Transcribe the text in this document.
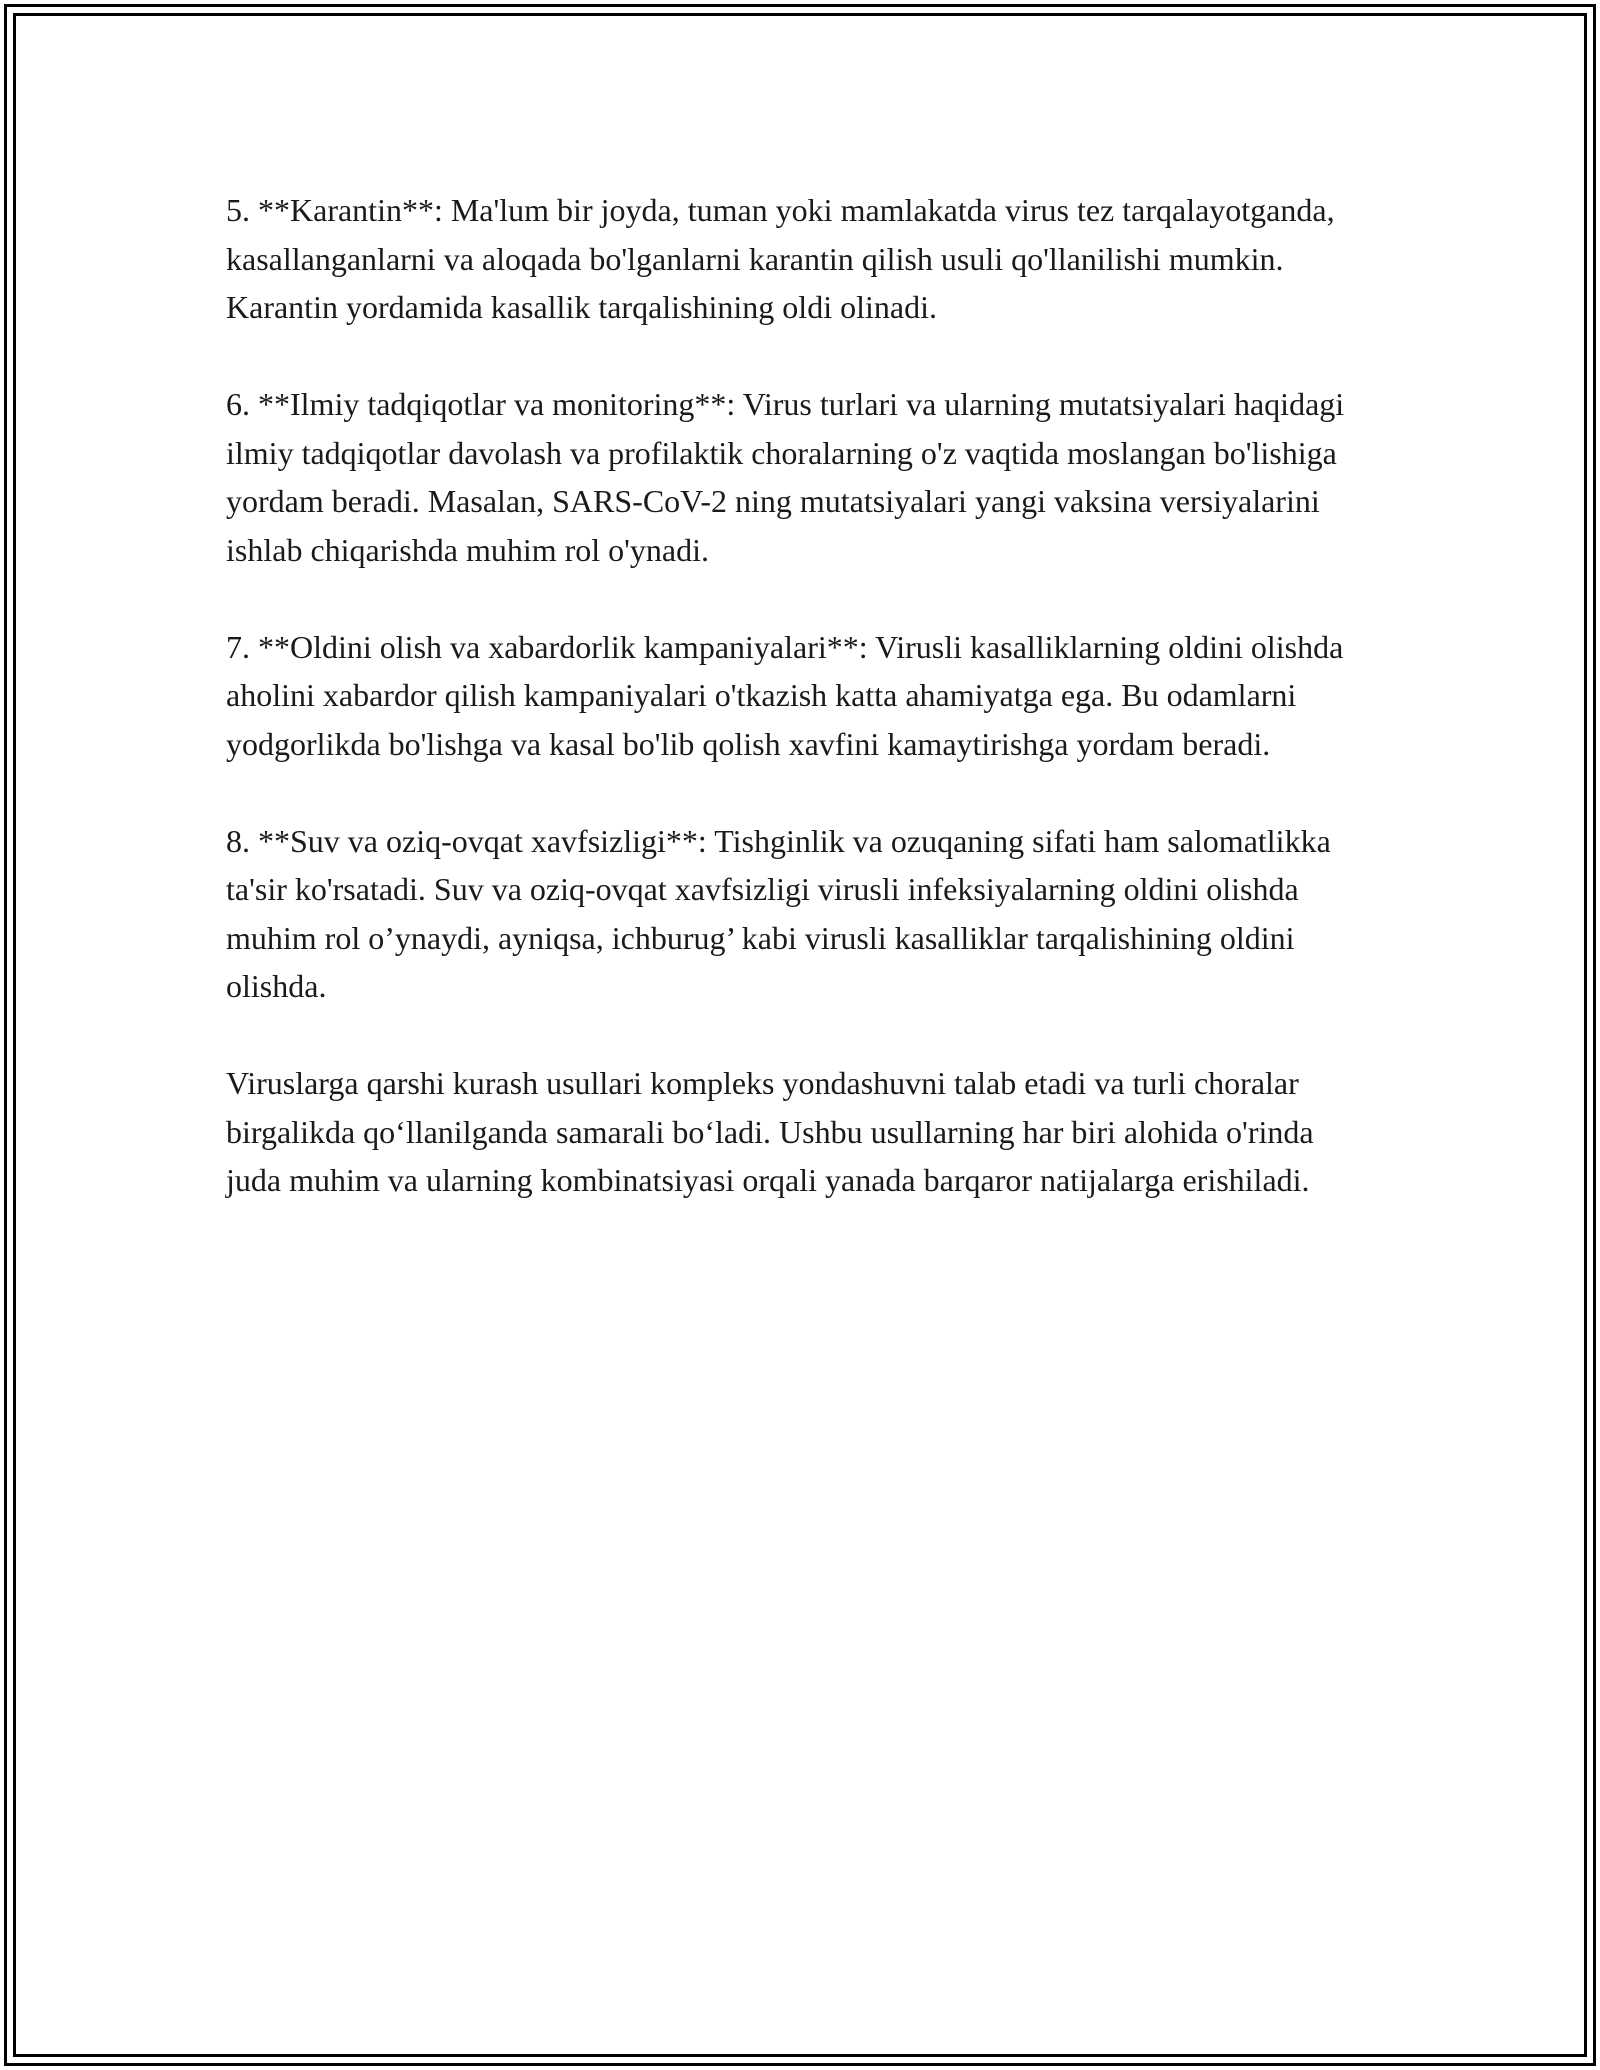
5. **Karantin**: Ma'lum bir joyda, tuman yoki mamlakatda virus tez tarqalayotganda, kasallanganlarni va aloqada bo'lganlarni karantin qilish usuli qo'llanilishi mumkin. Karantin yordamida kasallik tarqalishining oldi olinadi.

6. **Ilmiy tadqiqotlar va monitoring**: Virus turlari va ularning mutatsiyalari haqidagi ilmiy tadqiqotlar davolash va profilaktik choralarning o'z vaqtida moslangan bo'lishiga yordam beradi. Masalan, SARS-CoV-2 ning mutatsiyalari yangi vaksina versiyalarini ishlab chiqarishda muhim rol o'ynadi.

7. **Oldini olish va xabardorlik kampaniyalari**: Virusli kasalliklarning oldini olishda aholini xabardor qilish kampaniyalari o'tkazish katta ahamiyatga ega. Bu odamlarni yodgorlikda bo'lishga va kasal bo'lib qolish xavfini kamaytirishga yordam beradi.

8. **Suv va oziq-ovqat xavfsizligi**: Tishginlik va ozuqaning sifati ham salomatlikka ta'sir ko'rsatadi. Suv va oziq-ovqat xavfsizligi virusli infeksiyalarning oldini olishda muhim rol o’ynaydi, ayniqsa, ichburug’ kabi virusli kasalliklar tarqalishining oldini olishda.

Viruslarga qarshi kurash usullari kompleks yondashuvni talab etadi va turli choralar birgalikda qo‘llanilganda samarali bo‘ladi. Ushbu usullarning har biri alohida o'rinda juda muhim va ularning kombinatsiyasi orqali yanada barqaror natijalarga erishiladi.
